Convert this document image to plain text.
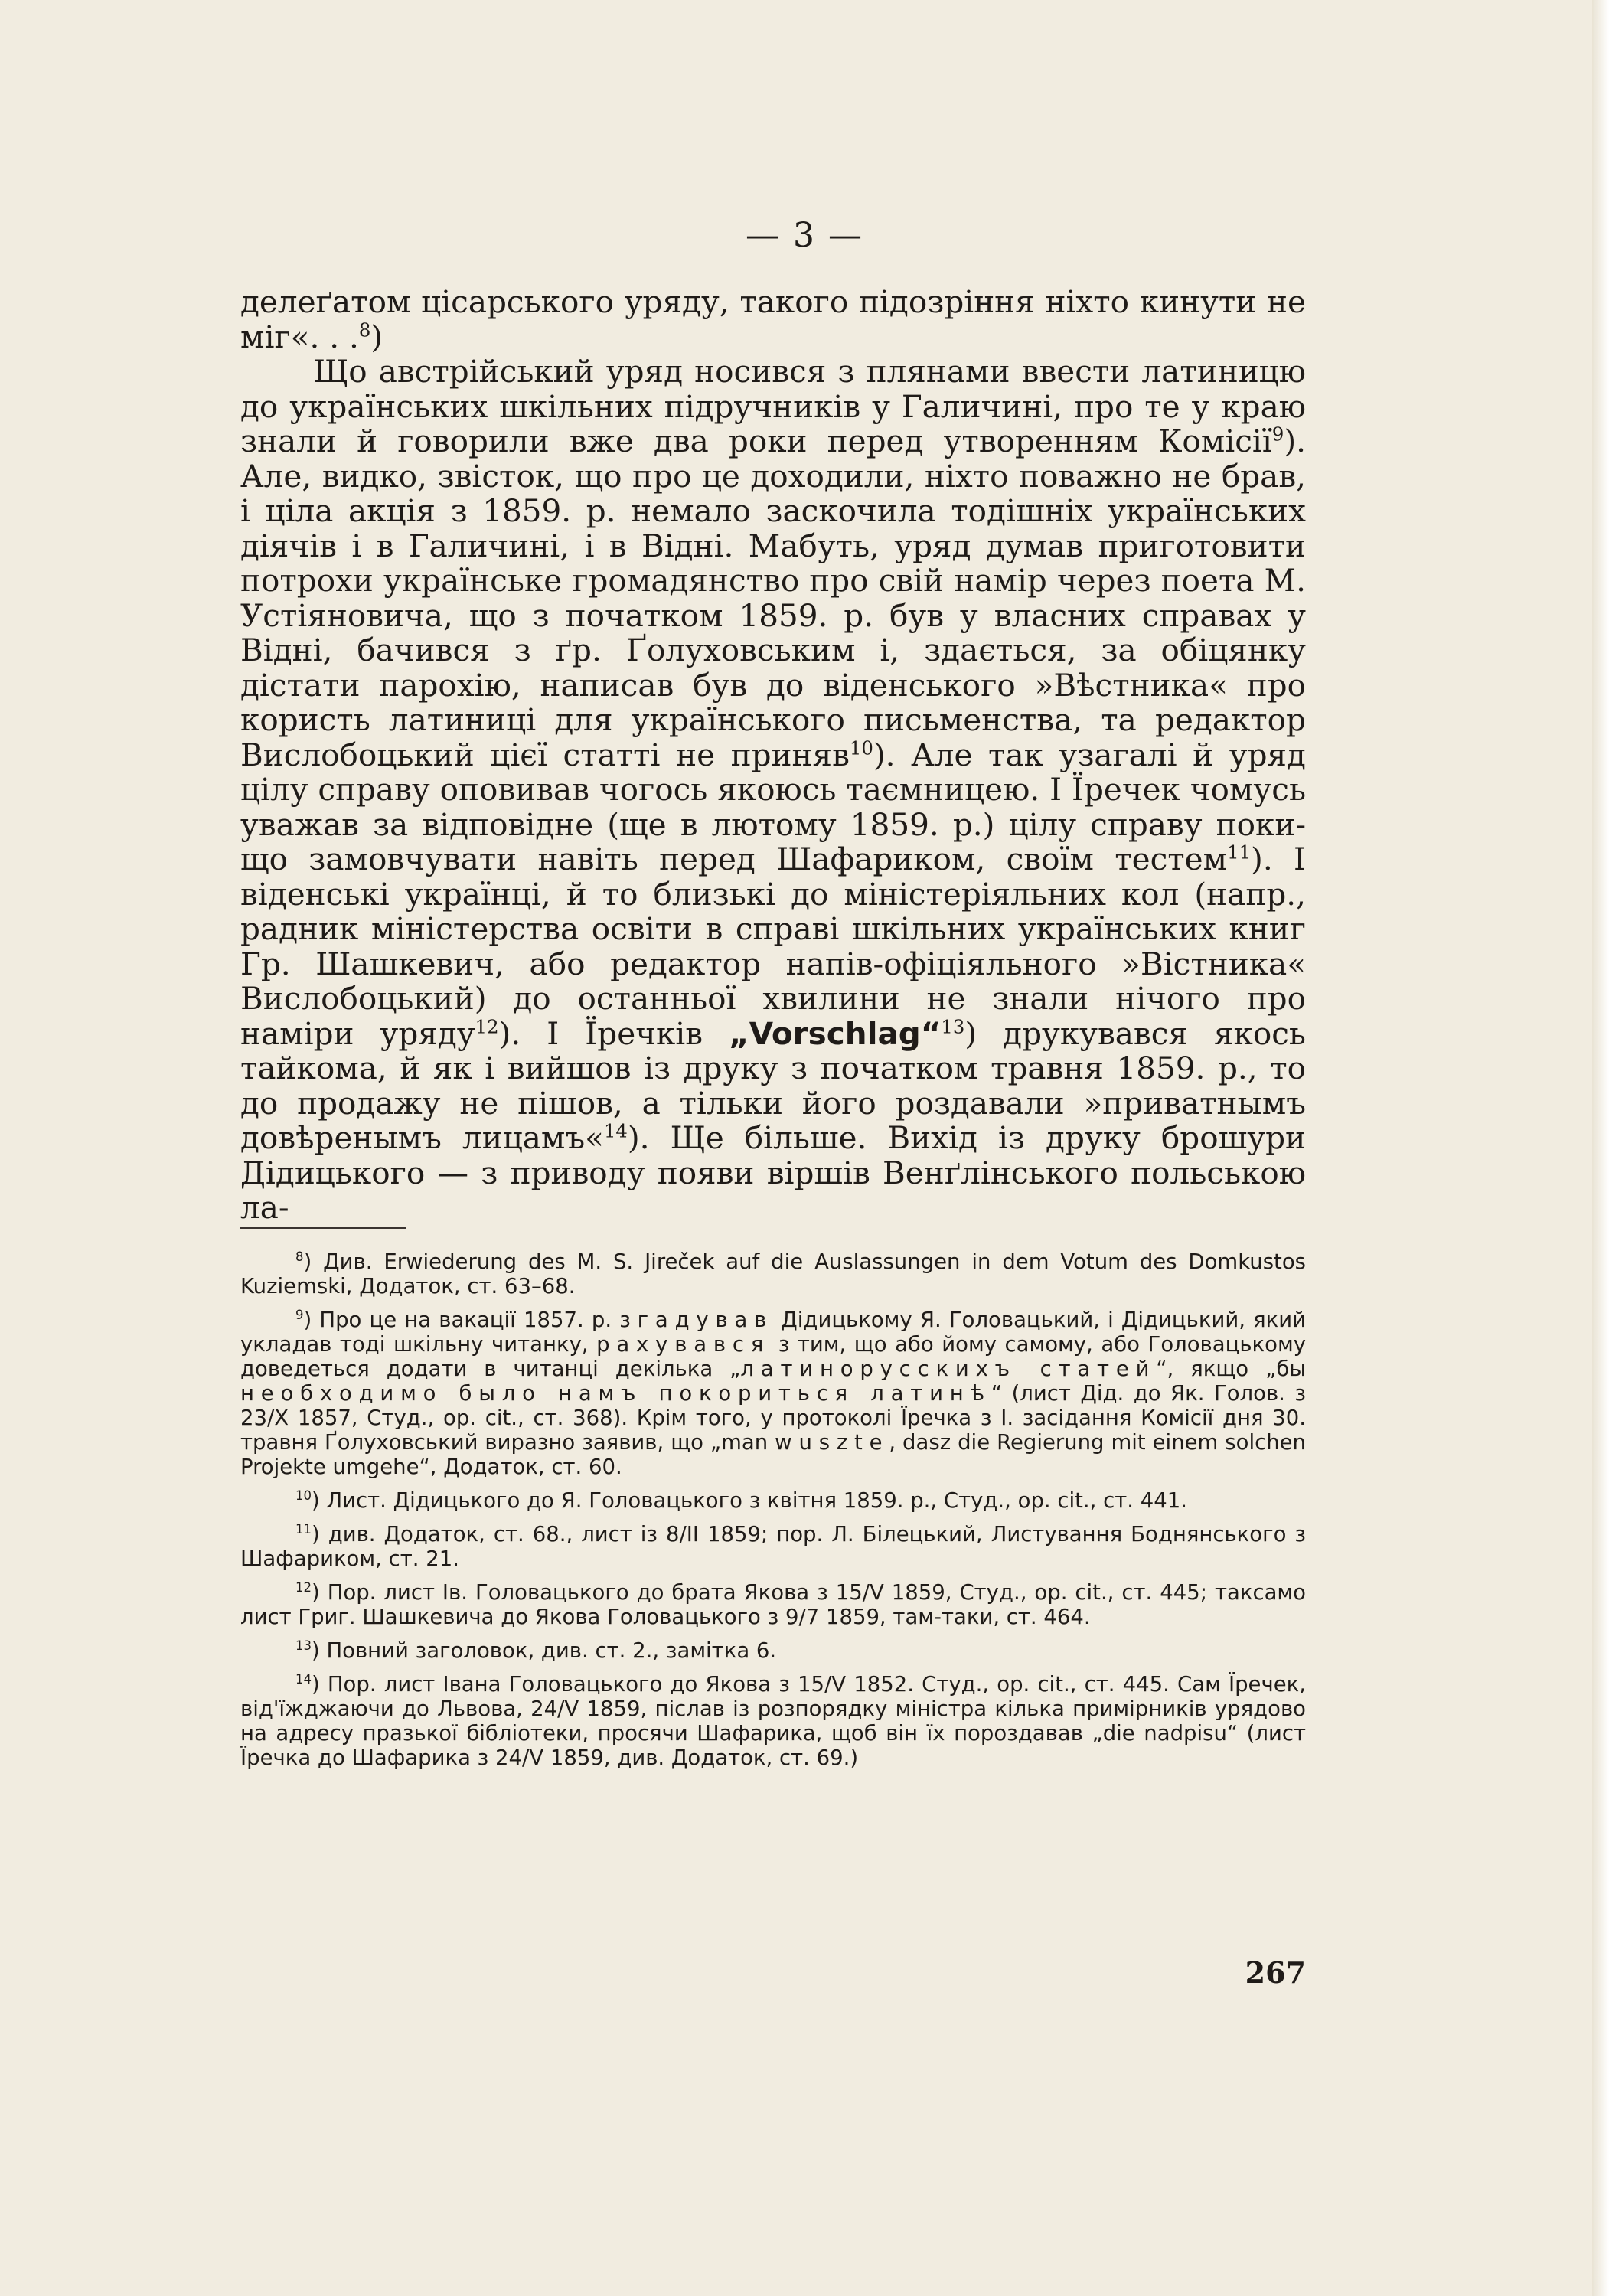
— 3 —

делеґатом цісарського уряду, такого підозріння ніхто кинути не міг«. . .$^8$)

Що австрійський уряд носився з плянами ввести латиницю до українських шкільних підручників у Галичині, про те у краю знали й говорили вже два роки перед утворенням Комісії$^9$). Але, видко, звісток, що про це доходили, ніхто поважно не брав, і ціла акція з 1859. р. немало заскочила тодішніх українських діячів і в Галичині, і в Відні. Мабуть, уряд думав приготовити потрохи українське громадянство про свій намір через поета М. Устіяновича, що з початком 1859. р. був у власних справах у Відні, бачився з ґр. Ґолуховським і, здається, за обіцянку дістати парохію, написав був до віденського »Вѣстника« про користь латиниці для українського письменства, та редактор Вислобоцький цієї статті не приняв$^{10}$). Але так узагалі й уряд цілу справу оповивав чогось якоюсь таємницею. І Їречек чомусь уважав за відповідне (ще в лютому 1859. р.) цілу справу поки-що замовчувати навіть перед Шафариком, своїм тестем$^{11}$). І віденські українці, й то близькі до міністеріяльних кол (напр., радник міністерства освіти в справі шкільних українських книг Гр. Шашкевич, або редактор напів-офіціяльного »Вістника« Вислобоцький) до останньої хвилини не знали нічого про наміри уряду$^{12}$). І Їречків „Vorschlag“$^{13}$) друкувався якось тайкома, й як і вийшов із друку з початком травня 1859. р., то до продажу не пішов, а тільки його роздавали »приватнымъ довѣренымъ лицамъ«$^{14}$). Ще більше. Вихід із друку брошури Дідицького — з приводу появи віршів Венґлінського польською ла-

$^8$) Див. Erwiederung des M. S. Jireček auf die Auslassungen in dem Votum des Domkustos Kuziemski, Додаток, ст. 63–68.

$^9$) Про це на вакації 1857. р. згадував Дідицькому Я. Головацький, і Дідицький, який укладав тоді шкільну читанку, рахувався з тим, що або йому самому, або Головацькому доведеться додати в читанці декілька „латинорусскихъ статей“, якщо „бы необходимо было намъ покориться латинѣ“ (лист Дід. до Як. Голов. з 23/X 1857, Студ., op. cit., ст. 368). Крім того, у протоколі Їречка з I. засідання Комісії дня 30. травня Ґолуховський виразно заявив, що „man wuszte, dasz die Regierung mit einem solchen Projekte umgehe“, Додаток, ст. 60.

$^{10}$) Лист. Дідицького до Я. Головацького з квітня 1859. р., Студ., op. cit., ст. 441.

$^{11}$) див. Додаток, ст. 68., лист із 8/II 1859; пор. Л. Білецький, Листування Боднянського з Шафариком, ст. 21.

$^{12}$) Пор. лист Ів. Головацького до брата Якова з 15/V 1859, Студ., op. cit., ст. 445; таксамо лист Григ. Шашкевича до Якова Головацького з 9/7 1859, там-таки, ст. 464.

$^{13}$) Повний заголовок, див. ст. 2., замітка 6.

$^{14}$) Пор. лист Івана Головацького до Якова з 15/V 1852. Студ., op. cit., ст. 445. Сам Їречек, від'їжджаючи до Львова, 24/V 1859, післав із розпорядку міністра кілька примірників урядово на адресу празької бібліотеки, просячи Шафарика, щоб він їх пороздавав „die nadpisu“ (лист Їречка до Шафарика з 24/V 1859, див. Додаток, ст. 69.)

267
